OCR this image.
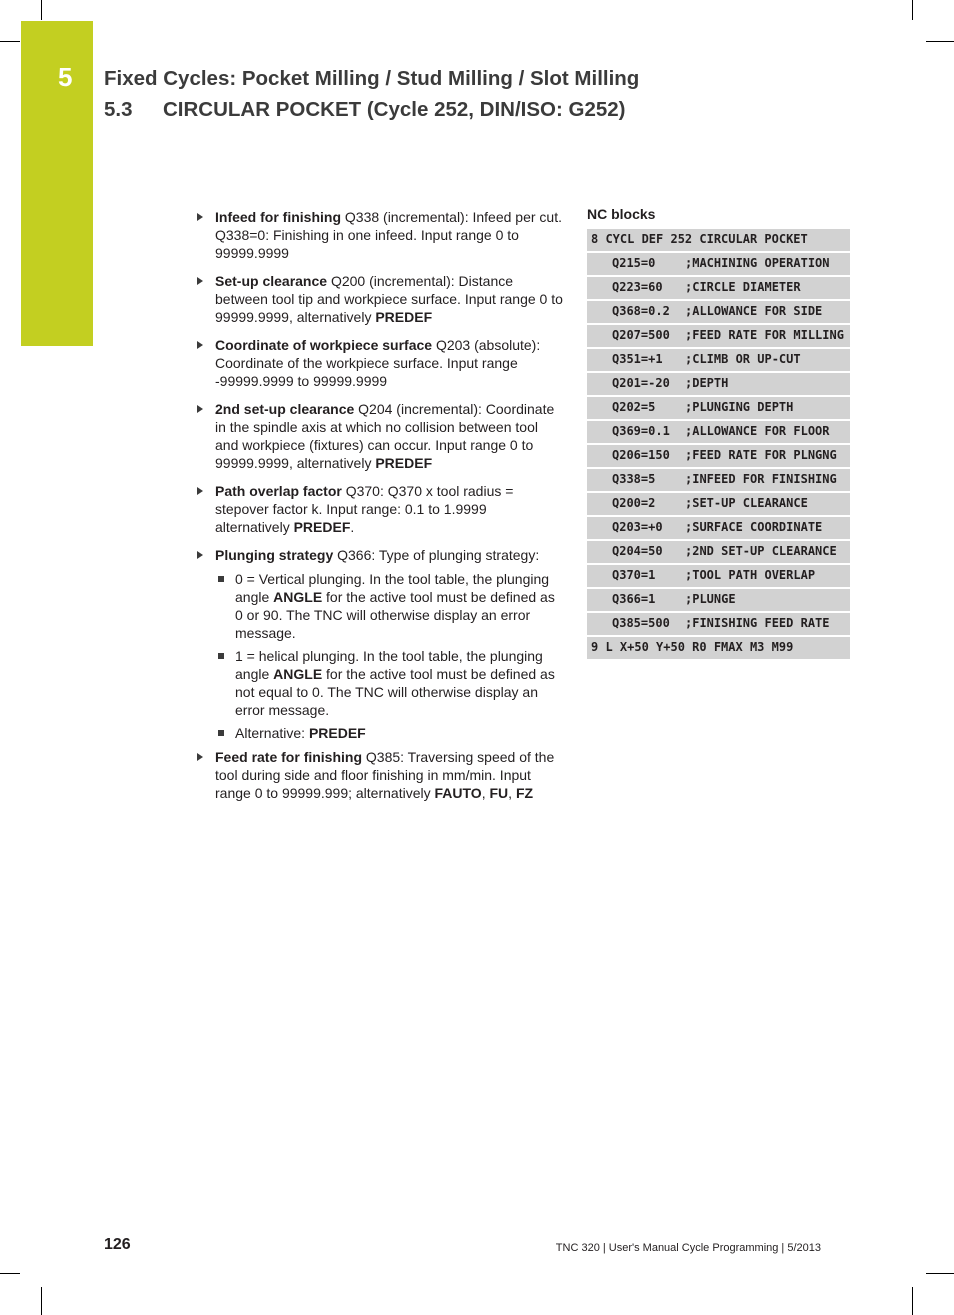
5 Fixed Cycles: Pocket Milling / Stud Milling / Slot Milling
5.3 CIRCULAR POCKET (Cycle 252, DIN/ISO: G252)
Infeed for finishing Q338 (incremental): Infeed per cut. Q338=0: Finishing in one infeed. Input range 0 to 99999.9999
Set-up clearance Q200 (incremental): Distance between tool tip and workpiece surface. Input range 0 to 99999.9999, alternatively PREDEF
Coordinate of workpiece surface Q203 (absolute): Coordinate of the workpiece surface. Input range -99999.9999 to 99999.9999
2nd set-up clearance Q204 (incremental): Coordinate in the spindle axis at which no collision between tool and workpiece (fixtures) can occur. Input range 0 to 99999.9999, alternatively PREDEF
Path overlap factor Q370: Q370 x tool radius = stepover factor k. Input range: 0.1 to 1.9999 alternatively PREDEF.
Plunging strategy Q366: Type of plunging strategy:
0 = Vertical plunging. In the tool table, the plunging angle ANGLE for the active tool must be defined as 0 or 90. The TNC will otherwise display an error message.
1 = helical plunging. In the tool table, the plunging angle ANGLE for the active tool must be defined as not equal to 0. The TNC will otherwise display an error message.
Alternative: PREDEF
Feed rate for finishing Q385: Traversing speed of the tool during side and floor finishing in mm/min. Input range 0 to 99999.999; alternatively FAUTO, FU, FZ
NC blocks
8 CYCL DEF 252 CIRCULAR POCKET
Q215=0	;MACHINING OPERATION
Q223=60	;CIRCLE DIAMETER
Q368=0.2	;ALLOWANCE FOR SIDE
Q207=500	;FEED RATE FOR MILLING
Q351=+1	;CLIMB OR UP-CUT
Q201=-20	;DEPTH
Q202=5	;PLUNGING DEPTH
Q369=0.1	;ALLOWANCE FOR FLOOR
Q206=150	;FEED RATE FOR PLNGNG
Q338=5	;INFEED FOR FINISHING
Q200=2	;SET-UP CLEARANCE
Q203=+0	;SURFACE COORDINATE
Q204=50	;2ND SET-UP CLEARANCE
Q370=1	;TOOL PATH OVERLAP
Q366=1	;PLUNGE
Q385=500	;FINISHING FEED RATE
9 L X+50 Y+50 R0 FMAX M3 M99
126	TNC 320 | User's Manual Cycle Programming | 5/2013
